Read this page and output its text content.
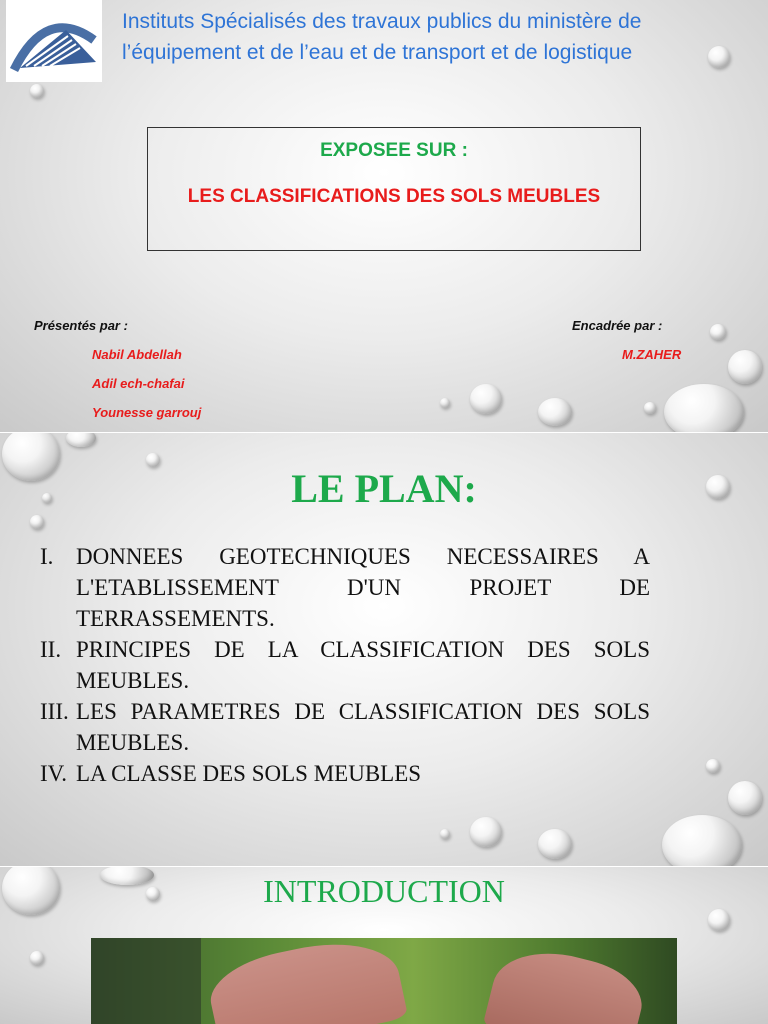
Instituts Spécialisés des travaux publics du ministère de
l’équipement et de l’eau et de transport et de logistique
EXPOSEE SUR :
LES CLASSIFICATIONS DES SOLS MEUBLES
Présentés par :
Nabil Abdellah
Adil ech-chafai
Younesse garrouj
Encadrée par :
M.ZAHER
LE PLAN:
I. DONNEES GEOTECHNIQUES NECESSAIRES A L'ETABLISSEMENT D'UN PROJET DE TERRASSEMENTS.
II. PRINCIPES DE LA CLASSIFICATION DES SOLS MEUBLES.
III. LES PARAMETRES DE CLASSIFICATION DES SOLS MEUBLES.
IV. LA CLASSE DES SOLS MEUBLES
INTRODUCTION
